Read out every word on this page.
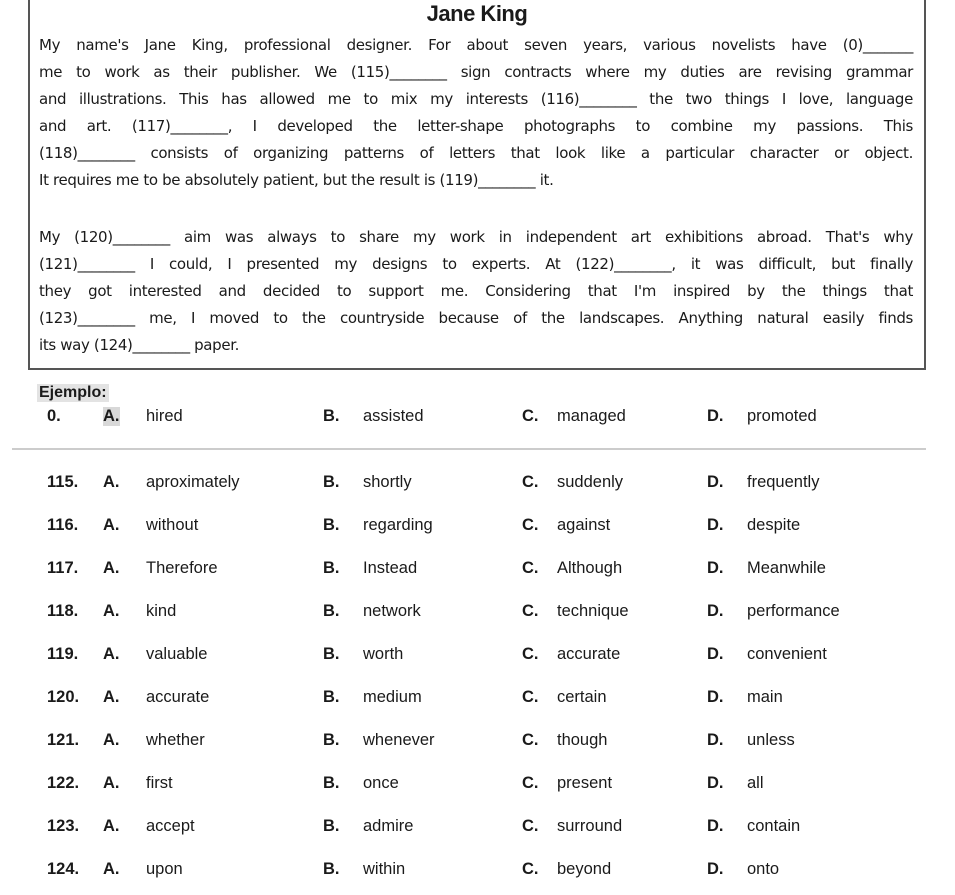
Jane King
My name's Jane King, professional designer. For about seven years, various novelists have (0)_______
me to work as their publisher. We (115)________ sign contracts where my duties are revising grammar
and illustrations. This has allowed me to mix my interests (116)________ the two things I love, language
and art. (117)________, I developed the letter-shape photographs to combine my passions. This
(118)________ consists of organizing patterns of letters that look like a particular character or object.
It requires me to be absolutely patient, but the result is (119)________ it.
My (120)________ aim was always to share my work in independent art exhibitions abroad. That's why
(121)________ I could, I presented my designs to experts. At (122)________, it was difficult, but finally
they got interested and decided to support me. Considering that I'm inspired by the things that
(123)________ me, I moved to the countryside because of the landscapes. Anything natural easily finds
its way (124)________ paper.
Ejemplo:
0.	A. hired	B. assisted	C. managed	D. promoted
115. A. aproximately	B. shortly	C. suddenly	D. frequently
116. A. without	B. regarding	C. against	D. despite
117. A. Therefore	B. Instead	C. Although	D. Meanwhile
118. A. kind	B. network	C. technique	D. performance
119. A. valuable	B. worth	C. accurate	D. convenient
120. A. accurate	B. medium	C. certain	D. main
121. A. whether	B. whenever	C. though	D. unless
122. A. first	B. once	C. present	D. all
123. A. accept	B. admire	C. surround	D. contain
124. A. upon	B. within	C. beyond	D. onto
